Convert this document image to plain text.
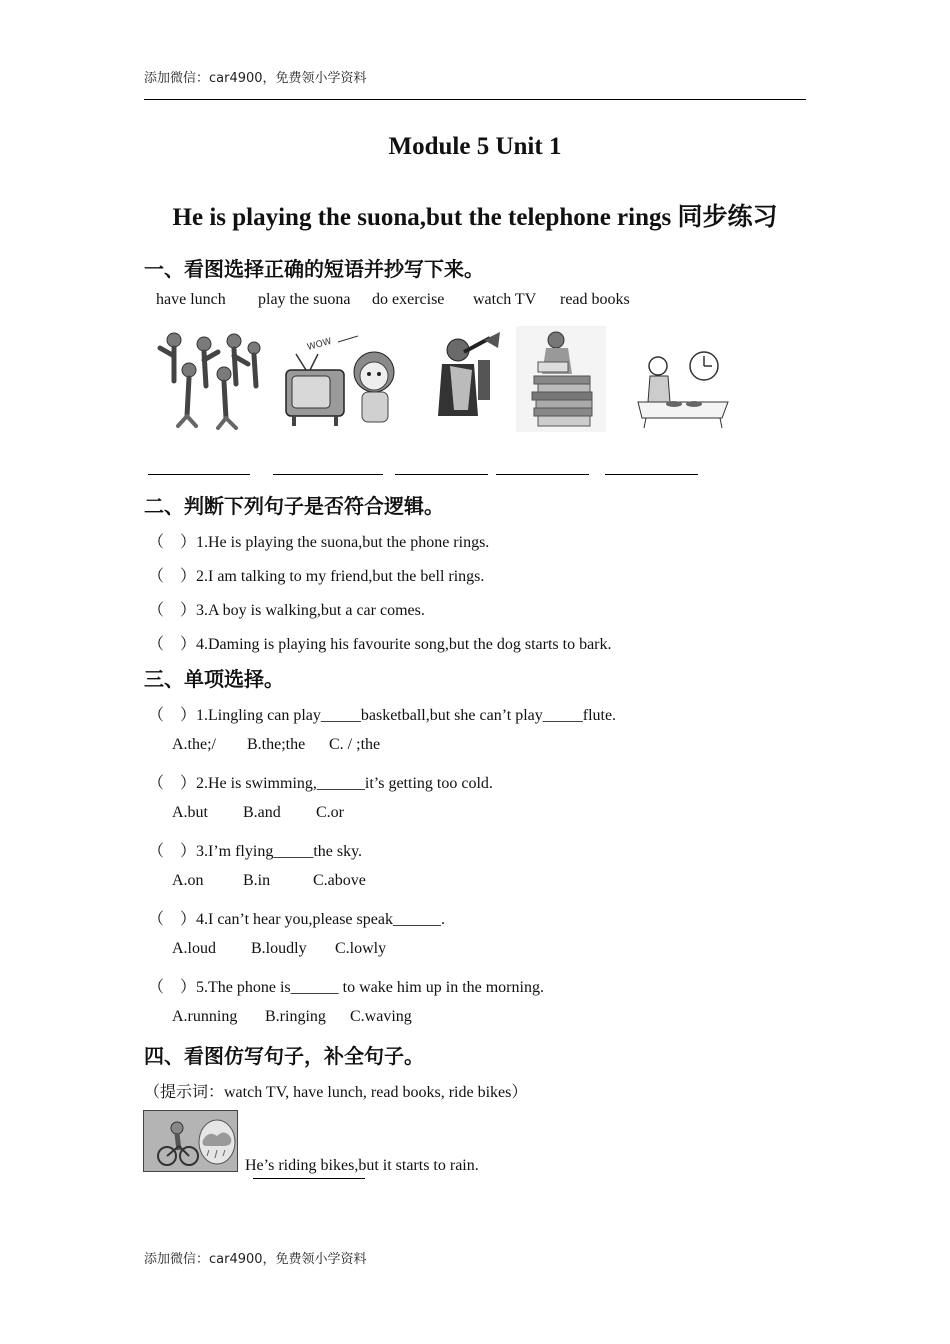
添加微信：car4900，免费领小学资料
Module 5 Unit 1
He is playing the suona,but the telephone rings 同步练习
一、看图选择正确的短语并抄写下来。
have lunch play the suona do exercise watch TV read books
WOW
二、判断下列句子是否符合逻辑。
（　）1.He is playing the suona,but the phone rings.
（　）2.I am talking to my friend,but the bell rings.
（　）3.A boy is walking,but a car comes.
（　）4.Daming is playing his favourite song,but the dog starts to bark.
三、单项选择。
（　）1.Lingling can play_____basketball,but she can’t play_____flute.
A.the;/ B.the;the C. / ;the
（　）2.He is swimming,______it’s getting too cold.
A.but B.and C.or
（　）3.I’m flying_____the sky.
A.on B.in	C.above
（　）4.I can’t hear you,please speak______.
A.loud B.loudly C.lowly
（　）5.The phone is______ to wake him up in the morning.
A.running B.ringing C.waving
四、看图仿写句子，补全句子。
（提示词：watch TV, have lunch, read books, ride bikes）
He’s riding bikes,but it starts to rain.
添加微信：car4900，免费领小学资料
